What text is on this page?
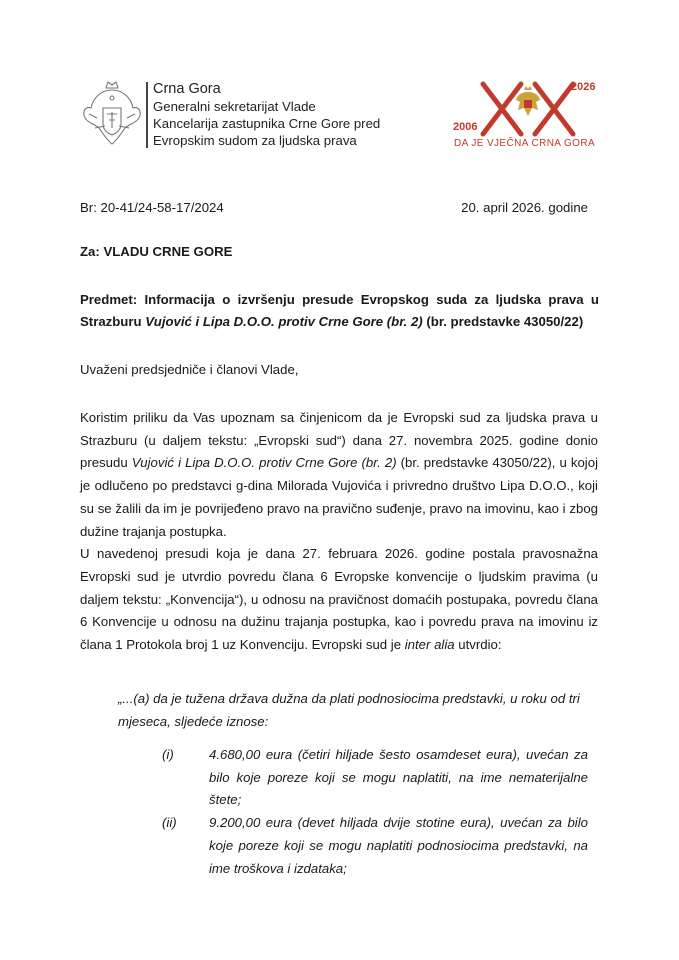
Crna Gora
Generalni sekretarijat Vlade
Kancelarija zastupnika Crne Gore pred
Evropskim sudom za ljudska prava
2006
2026
DA JE VJEČNA CRNA GORA
Br: 20-41/24-58-17/2024	20. april 2026. godine
Za: VLADU CRNE GORE
Predmet: Informacija o izvršenju presude Evropskog suda za ljudska prava u Strazburu Vujović i Lipa D.O.O. protiv Crne Gore (br. 2) (br. predstavke 43050/22)
Uvaženi predsjedniče i članovi Vlade,

Koristim priliku da Vas upoznam sa činjenicom da je Evropski sud za ljudska prava u Strazburu (u daljem tekstu: „Evropski sud“) dana 27. novembra 2025. godine donio presudu Vujović i Lipa D.O.O. protiv Crne Gore (br. 2) (br. predstavke 43050/22), u kojoj je odlučeno po predstavci g-dina Milorada Vujovića i privredno društvo Lipa D.O.O., koji su se žalili da im je povrijeđeno pravo na pravično suđenje, pravo na imovinu, kao i zbog dužine trajanja postupka.

U navedenoj presudi koja je dana 27. februara 2026. godine postala pravosnažna Evropski sud je utvrdio povredu člana 6 Evropske konvencije o ljudskim pravima (u daljem tekstu: „Konvencija“), u odnosu na pravičnost domaćih postupaka, povredu člana 6 Konvencije u odnosu na dužinu trajanja postupka, kao i povredu prava na imovinu iz člana 1 Protokola broj 1 uz Konvenciju. Evropski sud je inter alia utvrdio:

„...(a) da je tužena država dužna da plati podnosiocima predstavki, u roku od tri mjeseca, sljedeće iznose:
(i)	4.680,00 eura (četiri hiljade šesto osamdeset eura), uvećan za bilo koje poreze koji se mogu naplatiti, na ime nematerijalne štete;
(ii)	9.200,00 eura (devet hiljada dvije stotine eura), uvećan za bilo koje poreze koji se mogu naplatiti podnosiocima predstavki, na ime troškova i izdataka;
